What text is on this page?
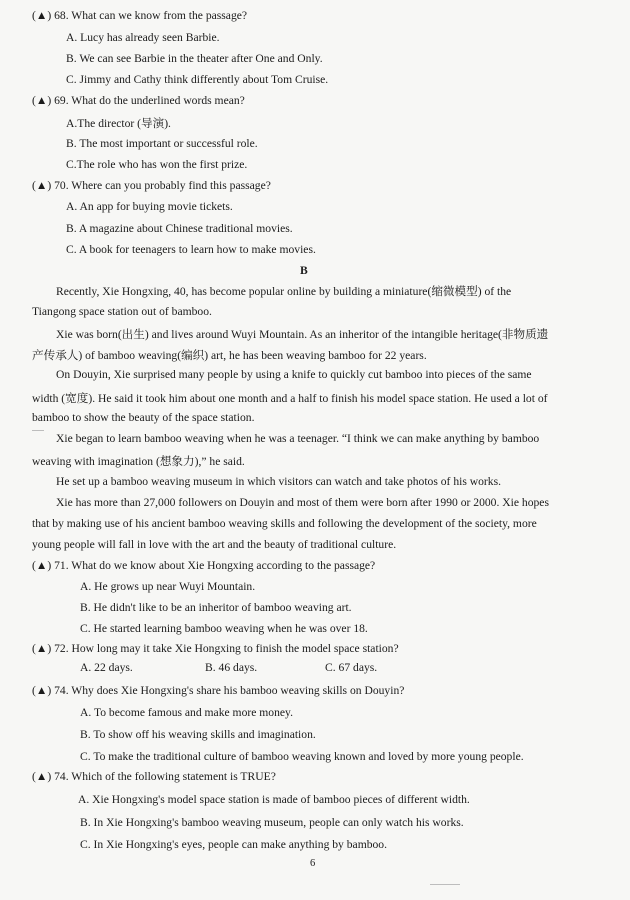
(▲) 68. What can we know from the passage?
A. Lucy has already seen Barbie.
B. We can see Barbie in the theater after One and Only.
C. Jimmy and Cathy think differently about Tom Cruise.
(▲) 69. What do the underlined words mean?
A.The director (导演).
B. The most important or successful role.
C.The role who has won the first prize.
(▲) 70. Where can you probably find this passage?
A. An app for buying movie tickets.
B. A magazine about Chinese traditional movies.
C. A book for teenagers to learn how to make movies.
B
Recently, Xie Hongxing, 40, has become popular online by building a miniature(缩微模型) of the
Tiangong space station out of bamboo.
Xie was born(出生) and lives around Wuyi Mountain. As an inheritor of the intangible heritage(非物质遗
产传承人) of bamboo weaving(编织) art, he has been weaving bamboo for 22 years.
On Douyin, Xie surprised many people by using a knife to quickly cut bamboo into pieces of the same
width (宽度). He said it took him about one month and a half to finish his model space station. He used a lot of
bamboo to show the beauty of the space station.
Xie began to learn bamboo weaving when he was a teenager. “I think we can make anything by bamboo
weaving with imagination (想象力),” he said.
He set up a bamboo weaving museum in which visitors can watch and take photos of his works.
Xie has more than 27,000 followers on Douyin and most of them were born after 1990 or 2000. Xie hopes
that by making use of his ancient bamboo weaving skills and following the development of the society, more
young people will fall in love with the art and the beauty of traditional culture.
(▲) 71. What do we know about Xie Hongxing according to the passage?
A. He grows up near Wuyi Mountain.
B. He didn't like to be an inheritor of bamboo weaving art.
C. He started learning bamboo weaving when he was over 18.
(▲) 72. How long may it take Xie Hongxing to finish the model space station?
A. 22 days.	B. 46 days.	C. 67 days.
(▲) 74. Why does Xie Hongxing's share his bamboo weaving skills on Douyin?
A. To become famous and make more money.
B. To show off his weaving skills and imagination.
C. To make the traditional culture of bamboo weaving known and loved by more young people.
(▲) 74. Which of the following statement is TRUE?
A. Xie Hongxing's model space station is made of bamboo pieces of different width.
B. In Xie Hongxing's bamboo weaving museum, people can only watch his works.
C. In Xie Hongxing's eyes, people can make anything by bamboo.
6
